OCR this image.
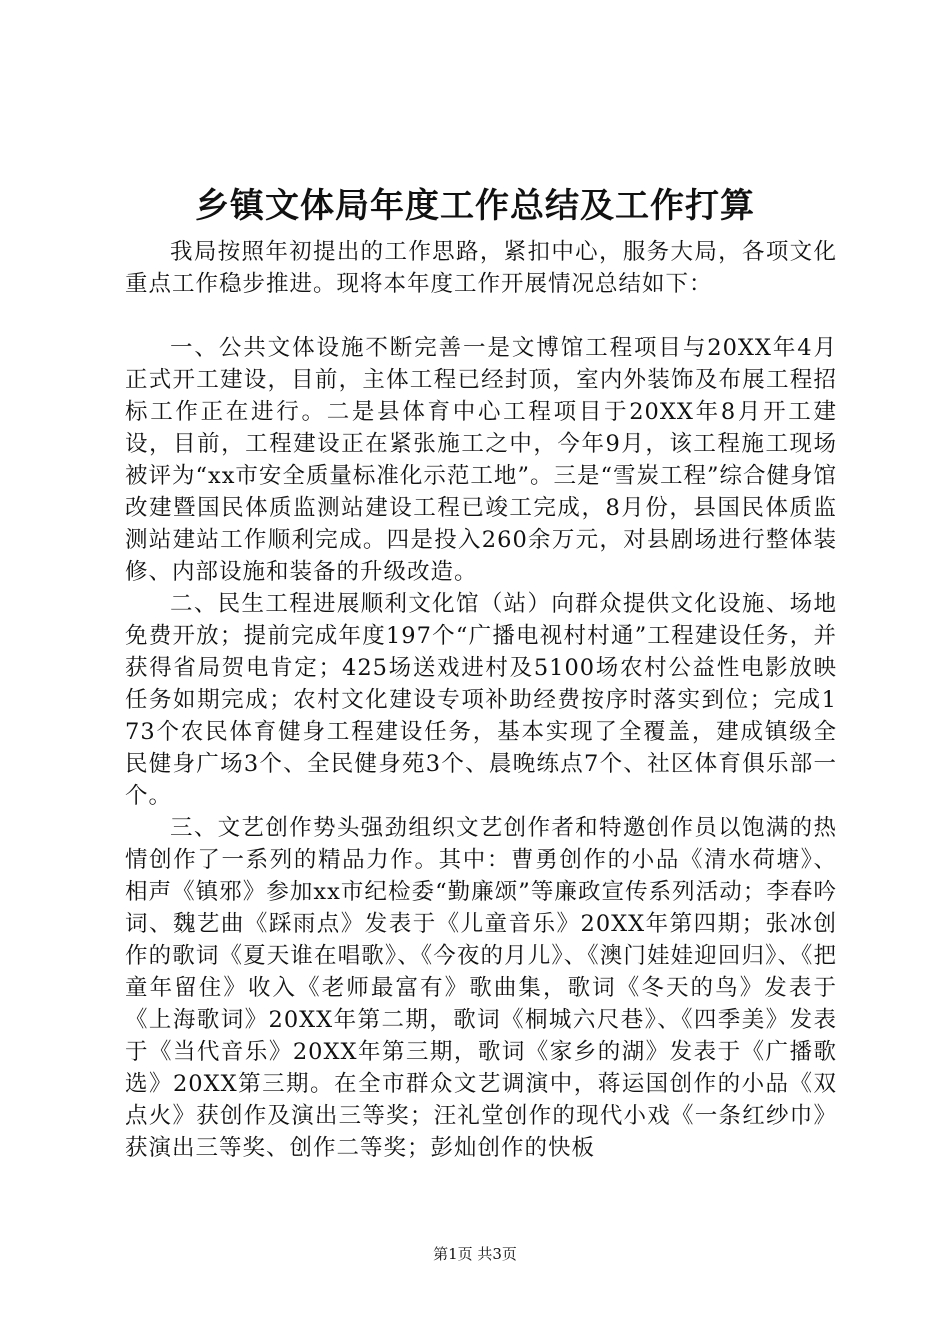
乡镇文体局年度工作总结及工作打算

我局按照年初提出的工作思路，紧扣中心，服务大局，各项文化重点工作稳步推进。现将本年度工作开展情况总结如下：

一、公共文体设施不断完善一是文博馆工程项目与20XX年4月正式开工建设，目前，主体工程已经封顶，室内外装饰及布展工程招标工作正在进行。二是县体育中心工程项目于20XX年8月开工建设，目前，工程建设正在紧张施工之中，今年9月，该工程施工现场被评为“xx市安全质量标准化示范工地”。三是“雪炭工程”综合健身馆改建暨国民体质监测站建设工程已竣工完成，8月份，县国民体质监测站建站工作顺利完成。四是投入260余万元，对县剧场进行整体装修、内部设施和装备的升级改造。

二、民生工程进展顺利文化馆（站）向群众提供文化设施、场地免费开放；提前完成年度197个“广播电视村村通”工程建设任务，并获得省局贺电肯定；425场送戏进村及5100场农村公益性电影放映任务如期完成；农村文化建设专项补助经费按序时落实到位；完成173个农民体育健身工程建设任务，基本实现了全覆盖，建成镇级全民健身广场3个、全民健身苑3个、晨晚练点7个、社区体育俱乐部一个。

三、文艺创作势头强劲组织文艺创作者和特邀创作员以饱满的热情创作了一系列的精品力作。其中：曹勇创作的小品《清水荷塘》、相声《镇邪》参加xx市纪检委“勤廉颂”等廉政宣传系列活动；李春吟词、魏艺曲《踩雨点》发表于《儿童音乐》20XX年第四期；张冰创作的歌词《夏天谁在唱歌》、《今夜的月儿》、《澳门娃娃迎回归》、《把童年留住》收入《老师最富有》歌曲集，歌词《冬天的鸟》发表于《上海歌词》20XX年第二期，歌词《桐城六尺巷》、《四季美》发表于《当代音乐》20XX年第三期，歌词《家乡的湖》发表于《广播歌选》20XX第三期。在全市群众文艺调演中，蒋运国创作的小品《双点火》获创作及演出三等奖；汪礼堂创作的现代小戏《一条红纱巾》获演出三等奖、创作二等奖；彭灿创作的快板

第1页 共3页
